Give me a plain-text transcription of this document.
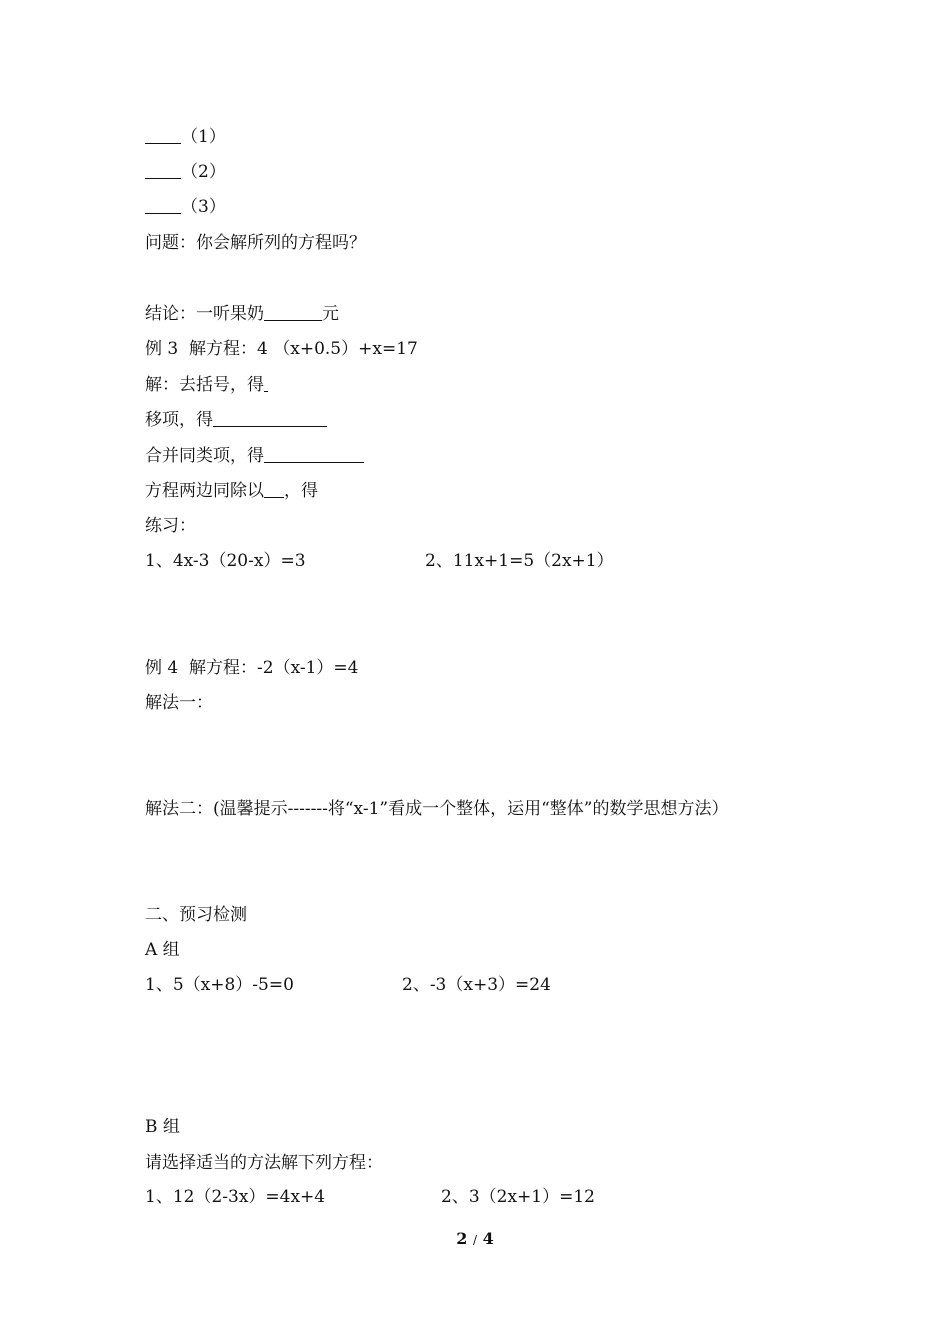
（1）
（2）
（3）
问题：你会解所列的方程吗？
结论：一听果奶	元
例 3  解方程：4 （x+0.5）+x=17
解：去括号，得
移项，得
合并同类项，得
方程两边同除以 ，得
练习：
1、4x-3（20-x）=3	2、11x+1=5（2x+1）
例 4  解方程：-2（x-1）=4
解法一：
解法二：(温馨提示-------将“x-1”看成一个整体，运用“整体”的数学思想方法）
二、预习检测
A 组
1、5（x+8）-5=0	2、-3（x+3）=24
B 组
请选择适当的方法解下列方程：
1、12（2-3x）=4x+4	2、3（2x+1）=12
2 / 4
